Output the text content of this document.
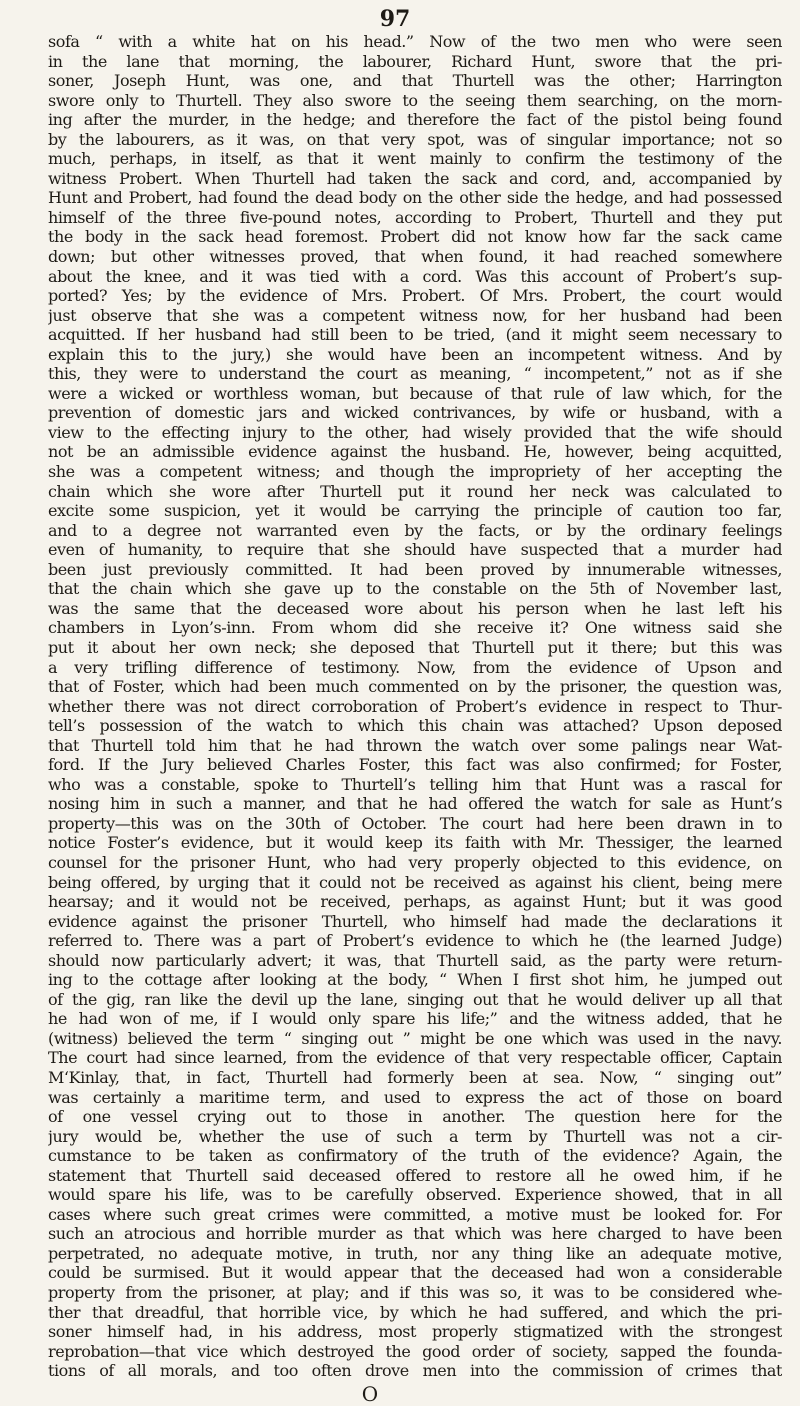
97
sofa “ with a white hat on his head.” Now of the two men who were seen
in the lane that morning, the labourer, Richard Hunt, swore that the pri-
soner, Joseph Hunt, was one, and that Thurtell was the other; Harrington
swore only to Thurtell. They also swore to the seeing them searching, on the morn-
ing after the murder, in the hedge; and therefore the fact of the pistol being found
by the labourers, as it was, on that very spot, was of singular importance; not so
much, perhaps, in itself, as that it went mainly to confirm the testimony of the
witness Probert. When Thurtell had taken the sack and cord, and, accompanied by
Hunt and Probert, had found the dead body on the other side the hedge, and had possessed
himself of the three five-pound notes, according to Probert, Thurtell and they put
the body in the sack head foremost. Probert did not know how far the sack came
down; but other witnesses proved, that when found, it had reached somewhere
about the knee, and it was tied with a cord. Was this account of Probert’s sup-
ported? Yes; by the evidence of Mrs. Probert. Of Mrs. Probert, the court would
just observe that she was a competent witness now, for her husband had been
acquitted. If her husband had still been to be tried, (and it might seem necessary to
explain this to the jury,) she would have been an incompetent witness. And by
this, they were to understand the court as meaning, “ incompetent,” not as if she
were a wicked or worthless woman, but because of that rule of law which, for the
prevention of domestic jars and wicked contrivances, by wife or husband, with a
view to the effecting injury to the other, had wisely provided that the wife should
not be an admissible evidence against the husband. He, however, being acquitted,
she was a competent witness; and though the impropriety of her accepting the
chain which she wore after Thurtell put it round her neck was calculated to
excite some suspicion, yet it would be carrying the principle of caution too far,
and to a degree not warranted even by the facts, or by the ordinary feelings
even of humanity, to require that she should have suspected that a murder had
been just previously committed. It had been proved by innumerable witnesses,
that the chain which she gave up to the constable on the 5th of November last,
was the same that the deceased wore about his person when he last left his
chambers in Lyon’s-inn. From whom did she receive it? One witness said she
put it about her own neck; she deposed that Thurtell put it there; but this was
a very trifling difference of testimony. Now, from the evidence of Upson and
that of Foster, which had been much commented on by the prisoner, the question was,
whether there was not direct corroboration of Probert’s evidence in respect to Thur-
tell’s possession of the watch to which this chain was attached? Upson deposed
that Thurtell told him that he had thrown the watch over some palings near Wat-
ford. If the Jury believed Charles Foster, this fact was also confirmed; for Foster,
who was a constable, spoke to Thurtell’s telling him that Hunt was a rascal for
nosing him in such a manner, and that he had offered the watch for sale as Hunt’s
property—this was on the 30th of October. The court had here been drawn in to
notice Foster’s evidence, but it would keep its faith with Mr. Thessiger, the learned
counsel for the prisoner Hunt, who had very properly objected to this evidence, on
being offered, by urging that it could not be received as against his client, being mere
hearsay; and it would not be received, perhaps, as against Hunt; but it was good
evidence against the prisoner Thurtell, who himself had made the declarations it
referred to. There was a part of Probert’s evidence to which he (the learned Judge)
should now particularly advert; it was, that Thurtell said, as the party were return-
ing to the cottage after looking at the body, “ When I first shot him, he jumped out
of the gig, ran like the devil up the lane, singing out that he would deliver up all that
he had won of me, if I would only spare his life;” and the witness added, that he
(witness) believed the term “ singing out ” might be one which was used in the navy.
The court had since learned, from the evidence of that very respectable officer, Captain
M‘Kinlay, that, in fact, Thurtell had formerly been at sea. Now, “ singing out”
was certainly a maritime term, and used to express the act of those on board
of one vessel crying out to those in another. The question here for the
jury would be, whether the use of such a term by Thurtell was not a cir-
cumstance to be taken as confirmatory of the truth of the evidence? Again, the
statement that Thurtell said deceased offered to restore all he owed him, if he
would spare his life, was to be carefully observed. Experience showed, that in all
cases where such great crimes were committed, a motive must be looked for. For
such an atrocious and horrible murder as that which was here charged to have been
perpetrated, no adequate motive, in truth, nor any thing like an adequate motive,
could be surmised. But it would appear that the deceased had won a considerable
property from the prisoner, at play; and if this was so, it was to be considered whe-
ther that dreadful, that horrible vice, by which he had suffered, and which the pri-
soner himself had, in his address, most properly stigmatized with the strongest
reprobation—that vice which destroyed the good order of society, sapped the founda-
tions of all morals, and too often drove men into the commission of crimes that
O
